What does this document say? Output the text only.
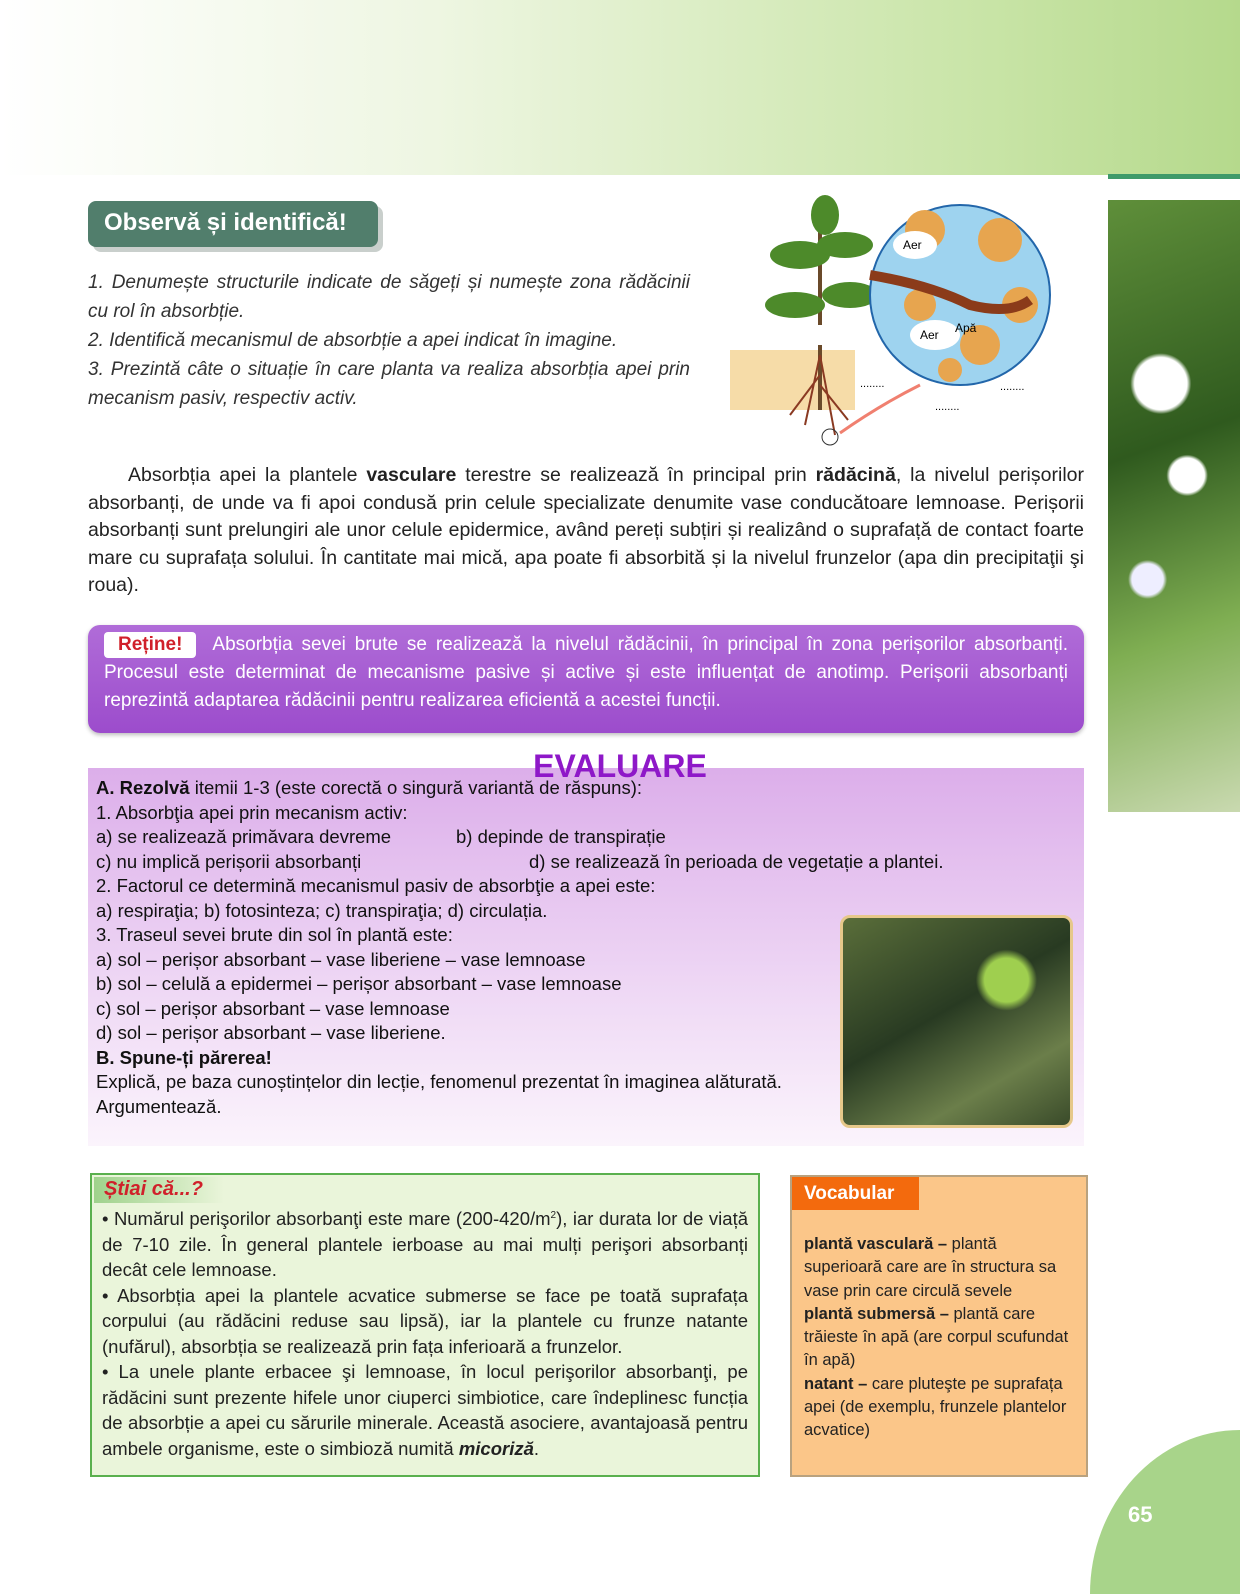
Observă și identifică!
1. Denumește structurile indicate de săgeți și numește zona rădăcinii cu rol în absorbție.
2. Identifică mecanismul de absorbție a apei indicat în imagine.
3. Prezintă câte o situație în care planta va realiza absorbția apei prin mecanism pasiv, respectiv activ.
Aer
Aer Apă
........
........
........

Absorbția apei la plantele vasculare terestre se realizează în principal prin rădăcină, la nivelul perișorilor absorbanți, de unde va fi apoi condusă prin celule specializate denumite vase conducătoare lemnoase. Perișorii absorbanți sunt prelungiri ale unor celule epidermice, având pereți subțiri și realizând o suprafață de contact foarte mare cu suprafața solului. În cantitate mai mică, apa poate fi absorbită și la nivelul frunzelor (apa din precipitaţii şi roua).

Reține! Absorbția sevei brute se realizează la nivelul rădăcinii, în principal în zona perișorilor absorbanți. Procesul este determinat de mecanisme pasive și active și este influențat de anotimp. Perișorii absorbanți reprezintă adaptarea rădăcinii pentru realizarea eficientă a acestei funcții.
EVALUARE
A. Rezolvă itemii 1-3 (este corectă o singură variantă de răspuns):
1. Absorbţia apei prin mecanism activ:
a) se realizează primăvara devreme	b) depinde de transpirație
c) nu implică perișorii absorbanți	d) se realizează în perioada de vegetație a plantei.
2. Factorul ce determină mecanismul pasiv de absorbţie a apei este:
a) respiraţia; b) fotosinteza; c) transpiraţia; d) circulația.
3. Traseul sevei brute din sol în plantă este:
a) sol – perișor absorbant – vase liberiene – vase lemnoase
b) sol – celulă a epidermei – perișor absorbant – vase lemnoase
c) sol – perișor absorbant – vase lemnoase
d) sol – perișor absorbant – vase liberiene.
B. Spune-ți părerea!
Explică, pe baza cunoștințelor din lecție, fenomenul prezentat în imaginea alăturată.
Argumentează.
Știai că...?
• Numărul perişorilor absorbanţi este mare $(200-420/m^2)$, iar durata lor de viață de 7-10 zile. În general plantele ierboase au mai mulți perişori absorbanți decât cele lemnoase.
• Absorbția apei la plantele acvatice submerse se face pe toată suprafața corpului (au rădăcini reduse sau lipsă), iar la plantele cu frunze natante (nufărul), absorbția se realizează prin fața inferioară a frunzelor.
• La unele plante erbacee şi lemnoase, în locul perişorilor absorbanţi, pe rădăcini sunt prezente hifele unor ciuperci simbiotice, care îndeplinesc funcția de absorbție a apei cu sărurile minerale. Această asociere, avantajoasă pentru ambele organisme, este o simbioză numită micoriză.
Vocabular
plantă vasculară – plantă superioară care are în structura sa vase prin care circulă sevele
plantă submersă – plantă care trăieste în apă (are corpul scufundat în apă)
natant – care pluteşte pe suprafața apei (de exemplu, frunzele plantelor acvatice)
65
